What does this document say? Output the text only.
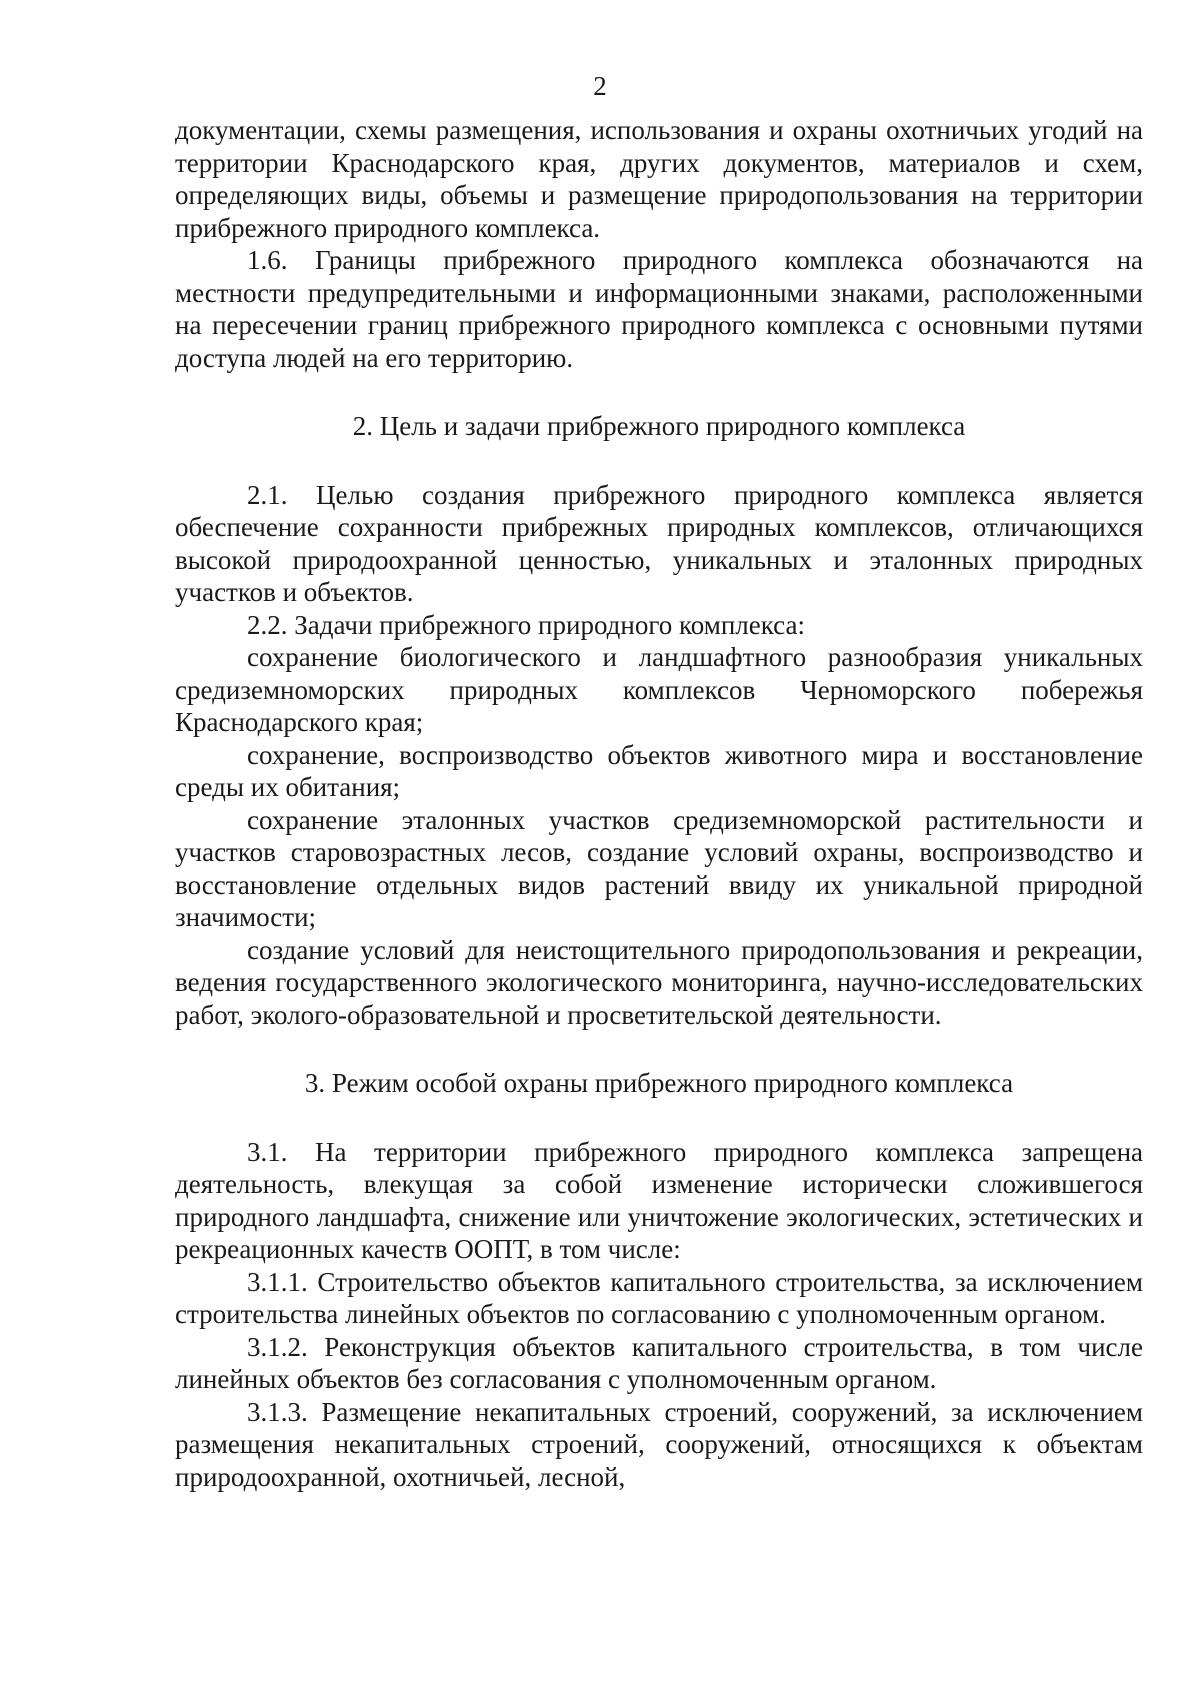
2

документации, схемы размещения, использования и охраны охотничьих угодий на территории Краснодарского края, других документов, материалов и схем, определяющих виды, объемы и размещение природопользования на территории прибрежного природного комплекса.

1.6. Границы прибрежного природного комплекса обозначаются на местности предупредительными и информационными знаками, расположенными на пересечении границ прибрежного природного комплекса с основными путями доступа людей на его территорию.

2. Цель и задачи прибрежного природного комплекса

2.1. Целью создания прибрежного природного комплекса является обеспечение сохранности прибрежных природных комплексов, отличающихся высокой природоохранной ценностью, уникальных и эталонных природных участков и объектов.

2.2. Задачи прибрежного природного комплекса:

сохранение биологического и ландшафтного разнообразия уникальных средиземноморских природных комплексов Черноморского побережья Краснодарского края;

сохранение, воспроизводство объектов животного мира и восстановление среды их обитания;

сохранение эталонных участков средиземноморской растительности и участков старовозрастных лесов, создание условий охраны, воспроизводство и восстановление отдельных видов растений ввиду их уникальной природной значимости;

создание условий для неистощительного природопользования и рекреации, ведения государственного экологического мониторинга, научно-исследовательских работ, эколого-образовательной и просветительской деятельности.

3. Режим особой охраны прибрежного природного комплекса

3.1. На территории прибрежного природного комплекса запрещена деятельность, влекущая за собой изменение исторически сложившегося природного ландшафта, снижение или уничтожение экологических, эстетических и рекреационных качеств ООПТ, в том числе:

3.1.1. Строительство объектов капитального строительства, за исключением строительства линейных объектов по согласованию с уполномоченным органом.

3.1.2. Реконструкция объектов капитального строительства, в том числе линейных объектов без согласования с уполномоченным органом.

3.1.3. Размещение некапитальных строений, сооружений, за исключением размещения некапитальных строений, сооружений, относящихся к объектам природоохранной, охотничьей, лесной,
